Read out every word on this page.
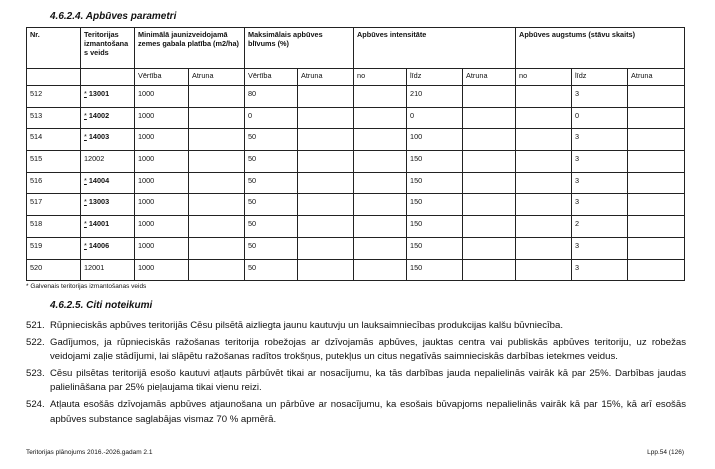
4.6.2.4. Apbūves parametri
Nr.	Teritorijas izmantošana s veids	Minimālā jaunizveidojamā zemes gabala platība (m2/ha)		Maksimālais apbūves blīvums (%)		Apbūves intensitāte			Apbūves augstums (stāvu skaits)		
		Vērtība	Atruna	Vērtība	Atruna	no	līdz	Atruna	no	līdz	Atruna
512	* 13001	1000		80			210			3	
513	* 14002	1000		0			0			0	
514	* 14003	1000		50			100			3	
515	12002	1000		50			150			3	
516	* 14004	1000		50			150			3	
517	* 13003	1000		50			150			3	
518	* 14001	1000		50			150			2	
519	* 14006	1000		50			150			3	
520	12001	1000		50			150			3	
* Galvenais teritorijas izmantošanas veids
4.6.2.5. Citi noteikumi
521. Rūpnieciskās apbūves teritorijās Cēsu pilsētā aizliegta jaunu kautuvju un lauksaimniecības produkcijas kalšu būvniecība.
522. Gadījumos, ja rūpnieciskās ražošanas teritorija robežojas ar dzīvojamās apbūves, jauktas centra vai publiskās apbūves teritoriju, uz robežas veidojami zaļie stādījumi, lai slāpētu ražošanas radītos trokšņus, putekļus un citus negatīvās saimnieciskās darbības ietekmes veidus.
523. Cēsu pilsētas teritorijā esošo kautuvi atļauts pārbūvēt tikai ar nosacījumu, ka tās darbības jauda nepalielinās vairāk kā par 25%. Darbības jaudas palielināšana par 25% pieļaujama tikai vienu reizi.
524. Atļauta esošās dzīvojamās apbūves atjaunošana un pārbūve ar nosacījumu, ka esošais būvapjoms nepalielinās vairāk kā par 15%, kā arī esošās apbūves substance saglabājas vismaz 70 % apmērā.
Teritorijas plānojums 2016.-2026.gadam 2.1	Lpp.54 (126)
